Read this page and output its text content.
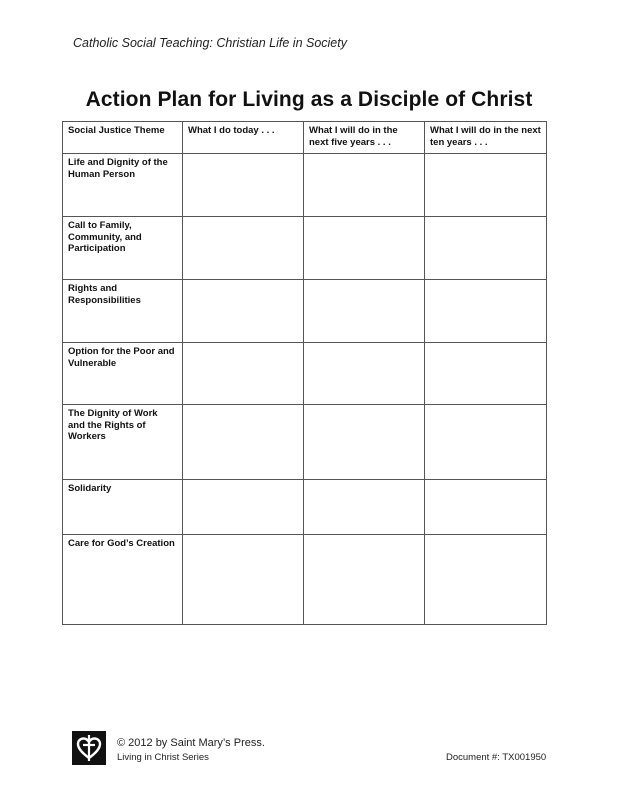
Catholic Social Teaching: Christian Life in Society
Action Plan for Living as a Disciple of Christ
Social Justice Theme	What I do today . . .	What I will do in the next five years . . .	What I will do in the next ten years . . .
Life and Dignity of the Human Person			
Call to Family, Community, and Participation			
Rights and Responsibilities			
Option for the Poor and Vulnerable			
The Dignity of Work and the Rights of Workers			
Solidarity			
Care for God’s Creation			
© 2012 by Saint Mary’s Press.
Living in Christ Series	Document #: TX001950
